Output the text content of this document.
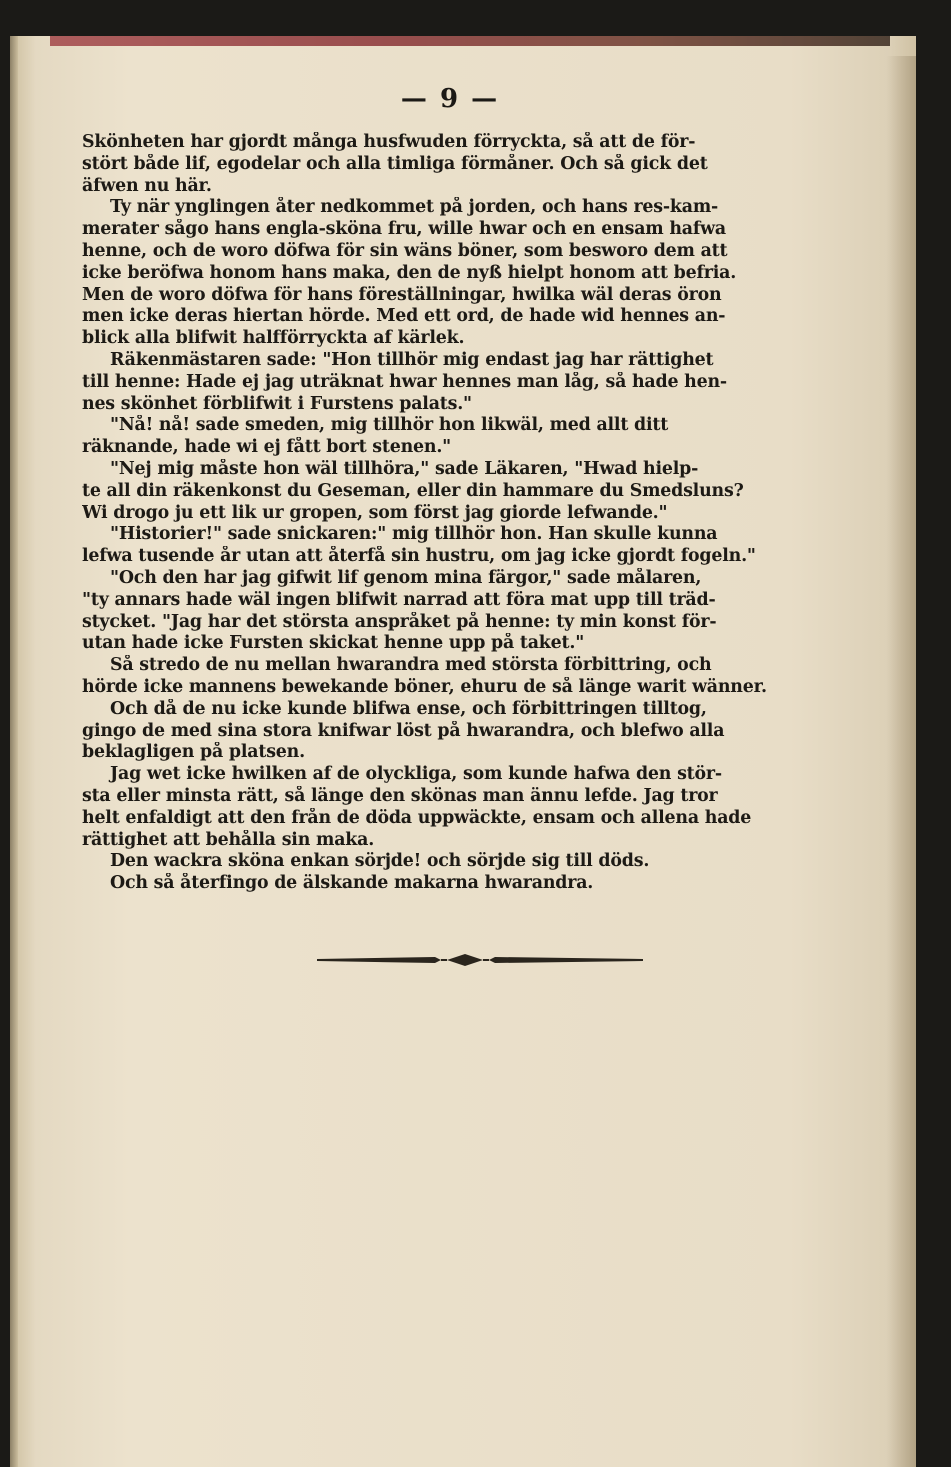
— 9 —
Skönheten har gjordt många husfwuden förryckta, så att de för-
stört både lif, egodelar och alla timliga förmåner. Och så gick det
äfwen nu här.
Ty när ynglingen åter nedkommet på jorden, och hans res-kam-
merater sågo hans engla-sköna fru, wille hwar och en ensam hafwa
henne, och de woro döfwa för sin wäns böner, som besworo dem att
icke beröfwa honom hans maka, den de nyß hielpt honom att befria.
Men de woro döfwa för hans föreställningar, hwilka wäl deras öron
men icke deras hiertan hörde. Med ett ord, de hade wid hennes an-
blick alla blifwit halfförryckta af kärlek.
Räkenmästaren sade: "Hon tillhör mig endast jag har rättighet
till henne: Hade ej jag uträknat hwar hennes man låg, så hade hen-
nes skönhet förblifwit i Furstens palats."
"Nå! nå! sade smeden, mig tillhör hon likwäl, med allt ditt
räknande, hade wi ej fått bort stenen."
"Nej mig måste hon wäl tillhöra," sade Läkaren, "Hwad hielp-
te all din räkenkonst du Geseman, eller din hammare du Smedsluns?
Wi drogo ju ett lik ur gropen, som först jag giorde lefwande."
"Historier!" sade snickaren:" mig tillhör hon. Han skulle kunna
lefwa tusende år utan att återfå sin hustru, om jag icke gjordt fogeln."
"Och den har jag gifwit lif genom mina färgor," sade målaren,
"ty annars hade wäl ingen blifwit narrad att föra mat upp till träd-
stycket. "Jag har det största anspråket på henne: ty min konst för-
utan hade icke Fursten skickat henne upp på taket."
Så stredo de nu mellan hwarandra med största förbittring, och
hörde icke mannens bewekande böner, ehuru de så länge warit wänner.
Och då de nu icke kunde blifwa ense, och förbittringen tilltog,
gingo de med sina stora knifwar löst på hwarandra, och blefwo alla
beklagligen på platsen.
Jag wet icke hwilken af de olyckliga, som kunde hafwa den stör-
sta eller minsta rätt, så länge den skönas man ännu lefde. Jag tror
helt enfaldigt att den från de döda uppwäckte, ensam och allena hade
rättighet att behålla sin maka.
Den wackra sköna enkan sörjde! och sörjde sig till döds.
Och så återfingo de älskande makarna hwarandra.
